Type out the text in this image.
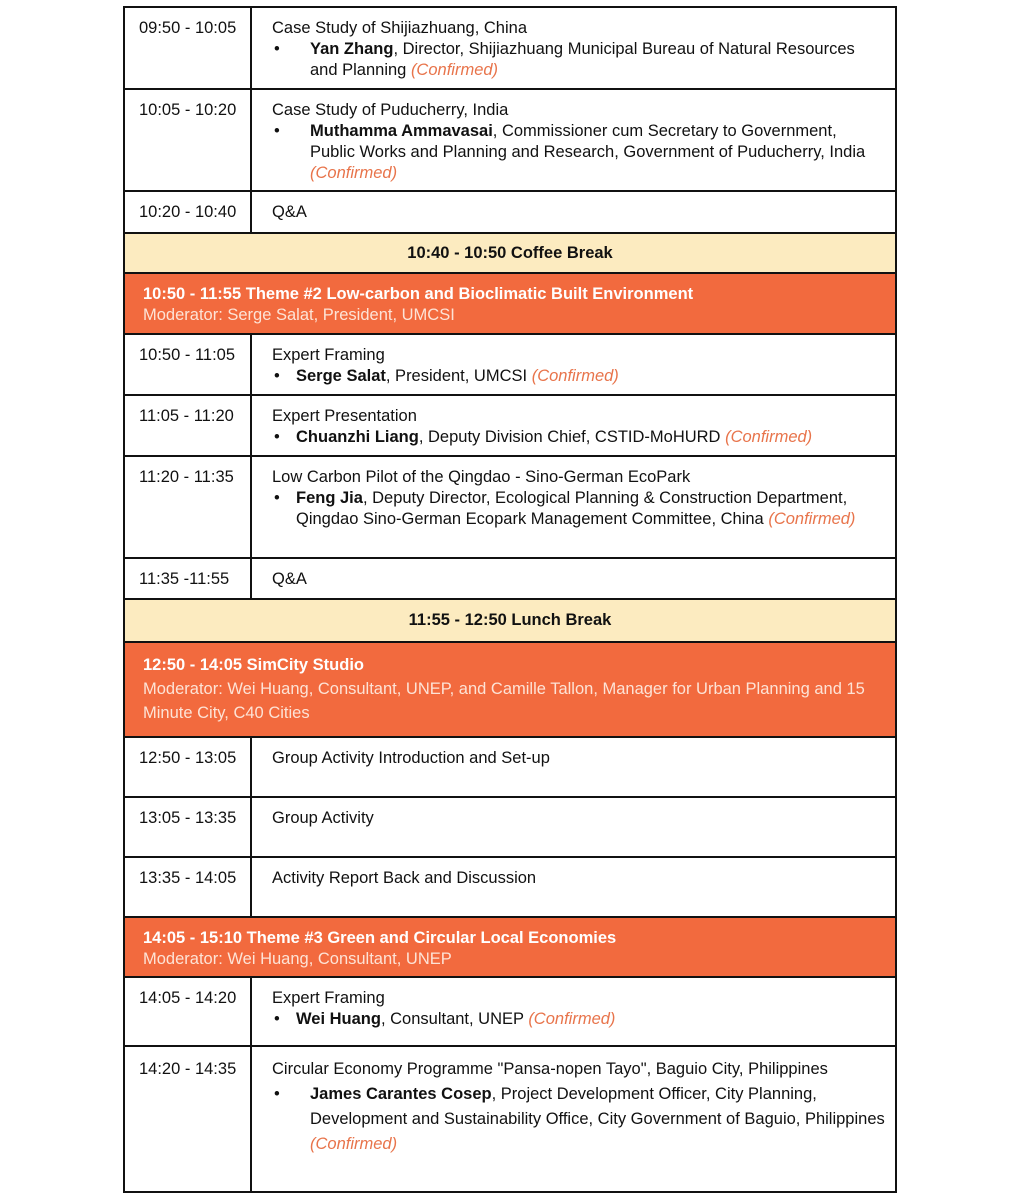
09:50 - 10:05	Case Study of Shijiazhuang, China
• Yan Zhang, Director, Shijiazhuang Municipal Bureau of Natural Resources and Planning (Confirmed)
10:05 - 10:20	Case Study of Puducherry, India
• Muthamma Ammavasai, Commissioner cum Secretary to Government, Public Works and Planning and Research, Government of Puducherry, India (Confirmed)
10:20 - 10:40	Q&A
10:40 - 10:50 Coffee Break
10:50 - 11:55 Theme #2 Low-carbon and Bioclimatic Built Environment
Moderator: Serge Salat, President, UMCSI
10:50 - 11:05	Expert Framing
• Serge Salat, President, UMCSI (Confirmed)
11:05 - 11:20	Expert Presentation
• Chuanzhi Liang, Deputy Division Chief, CSTID-MoHURD (Confirmed)
11:20 - 11:35	Low Carbon Pilot of the Qingdao - Sino-German EcoPark
• Feng Jia, Deputy Director, Ecological Planning & Construction Department, Qingdao Sino-German Ecopark Management Committee, China (Confirmed)
11:35 -11:55	Q&A
11:55 - 12:50 Lunch Break
12:50 - 14:05 SimCity Studio
Moderator: Wei Huang, Consultant, UNEP, and Camille Tallon, Manager for Urban Planning and 15 Minute City, C40 Cities
12:50 - 13:05	Group Activity Introduction and Set-up
13:05 - 13:35	Group Activity
13:35 - 14:05	Activity Report Back and Discussion
14:05 - 15:10 Theme #3 Green and Circular Local Economies
Moderator: Wei Huang, Consultant, UNEP
14:05 - 14:20	Expert Framing
• Wei Huang, Consultant, UNEP (Confirmed)
14:20 - 14:35	Circular Economy Programme "Pansa-nopen Tayo", Baguio City, Philippines
• James Carantes Cosep, Project Development Officer, City Planning, Development and Sustainability Office, City Government of Baguio, Philippines (Confirmed)
